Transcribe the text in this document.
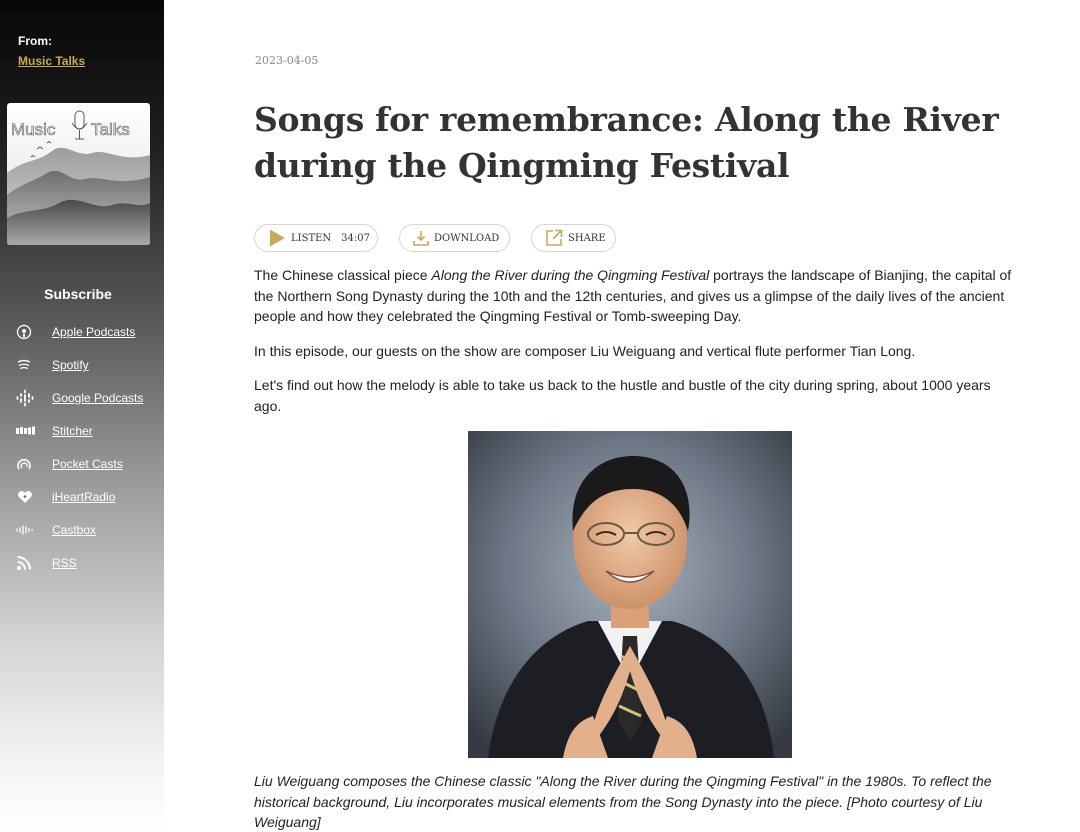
From:
Music Talks
Music Talks
Subscribe
Apple Podcasts
Spotify
Google Podcasts
Stitcher
Pocket Casts
iHeartRadio
Castbox
RSS
2023-04-05
Songs for remembrance: Along the River during the Qingming Festival
LISTEN 34:07	DOWNLOAD	SHARE

The Chinese classical piece Along the River during the Qingming Festival portrays the landscape of Bianjing, the capital of the Northern Song Dynasty during the 10th and the 12th centuries, and gives us a glimpse of the daily lives of the ancient people and how they celebrated the Qingming Festival or Tomb-sweeping Day.

In this episode, our guests on the show are composer Liu Weiguang and vertical flute performer Tian Long.

Let's find out how the melody is able to take us back to the hustle and bustle of the city during spring, about 1000 years ago.

Liu Weiguang composes the Chinese classic "Along the River during the Qingming Festival" in the 1980s. To reflect the historical background, Liu incorporates musical elements from the Song Dynasty into the piece. [Photo courtesy of Liu Weiguang]
